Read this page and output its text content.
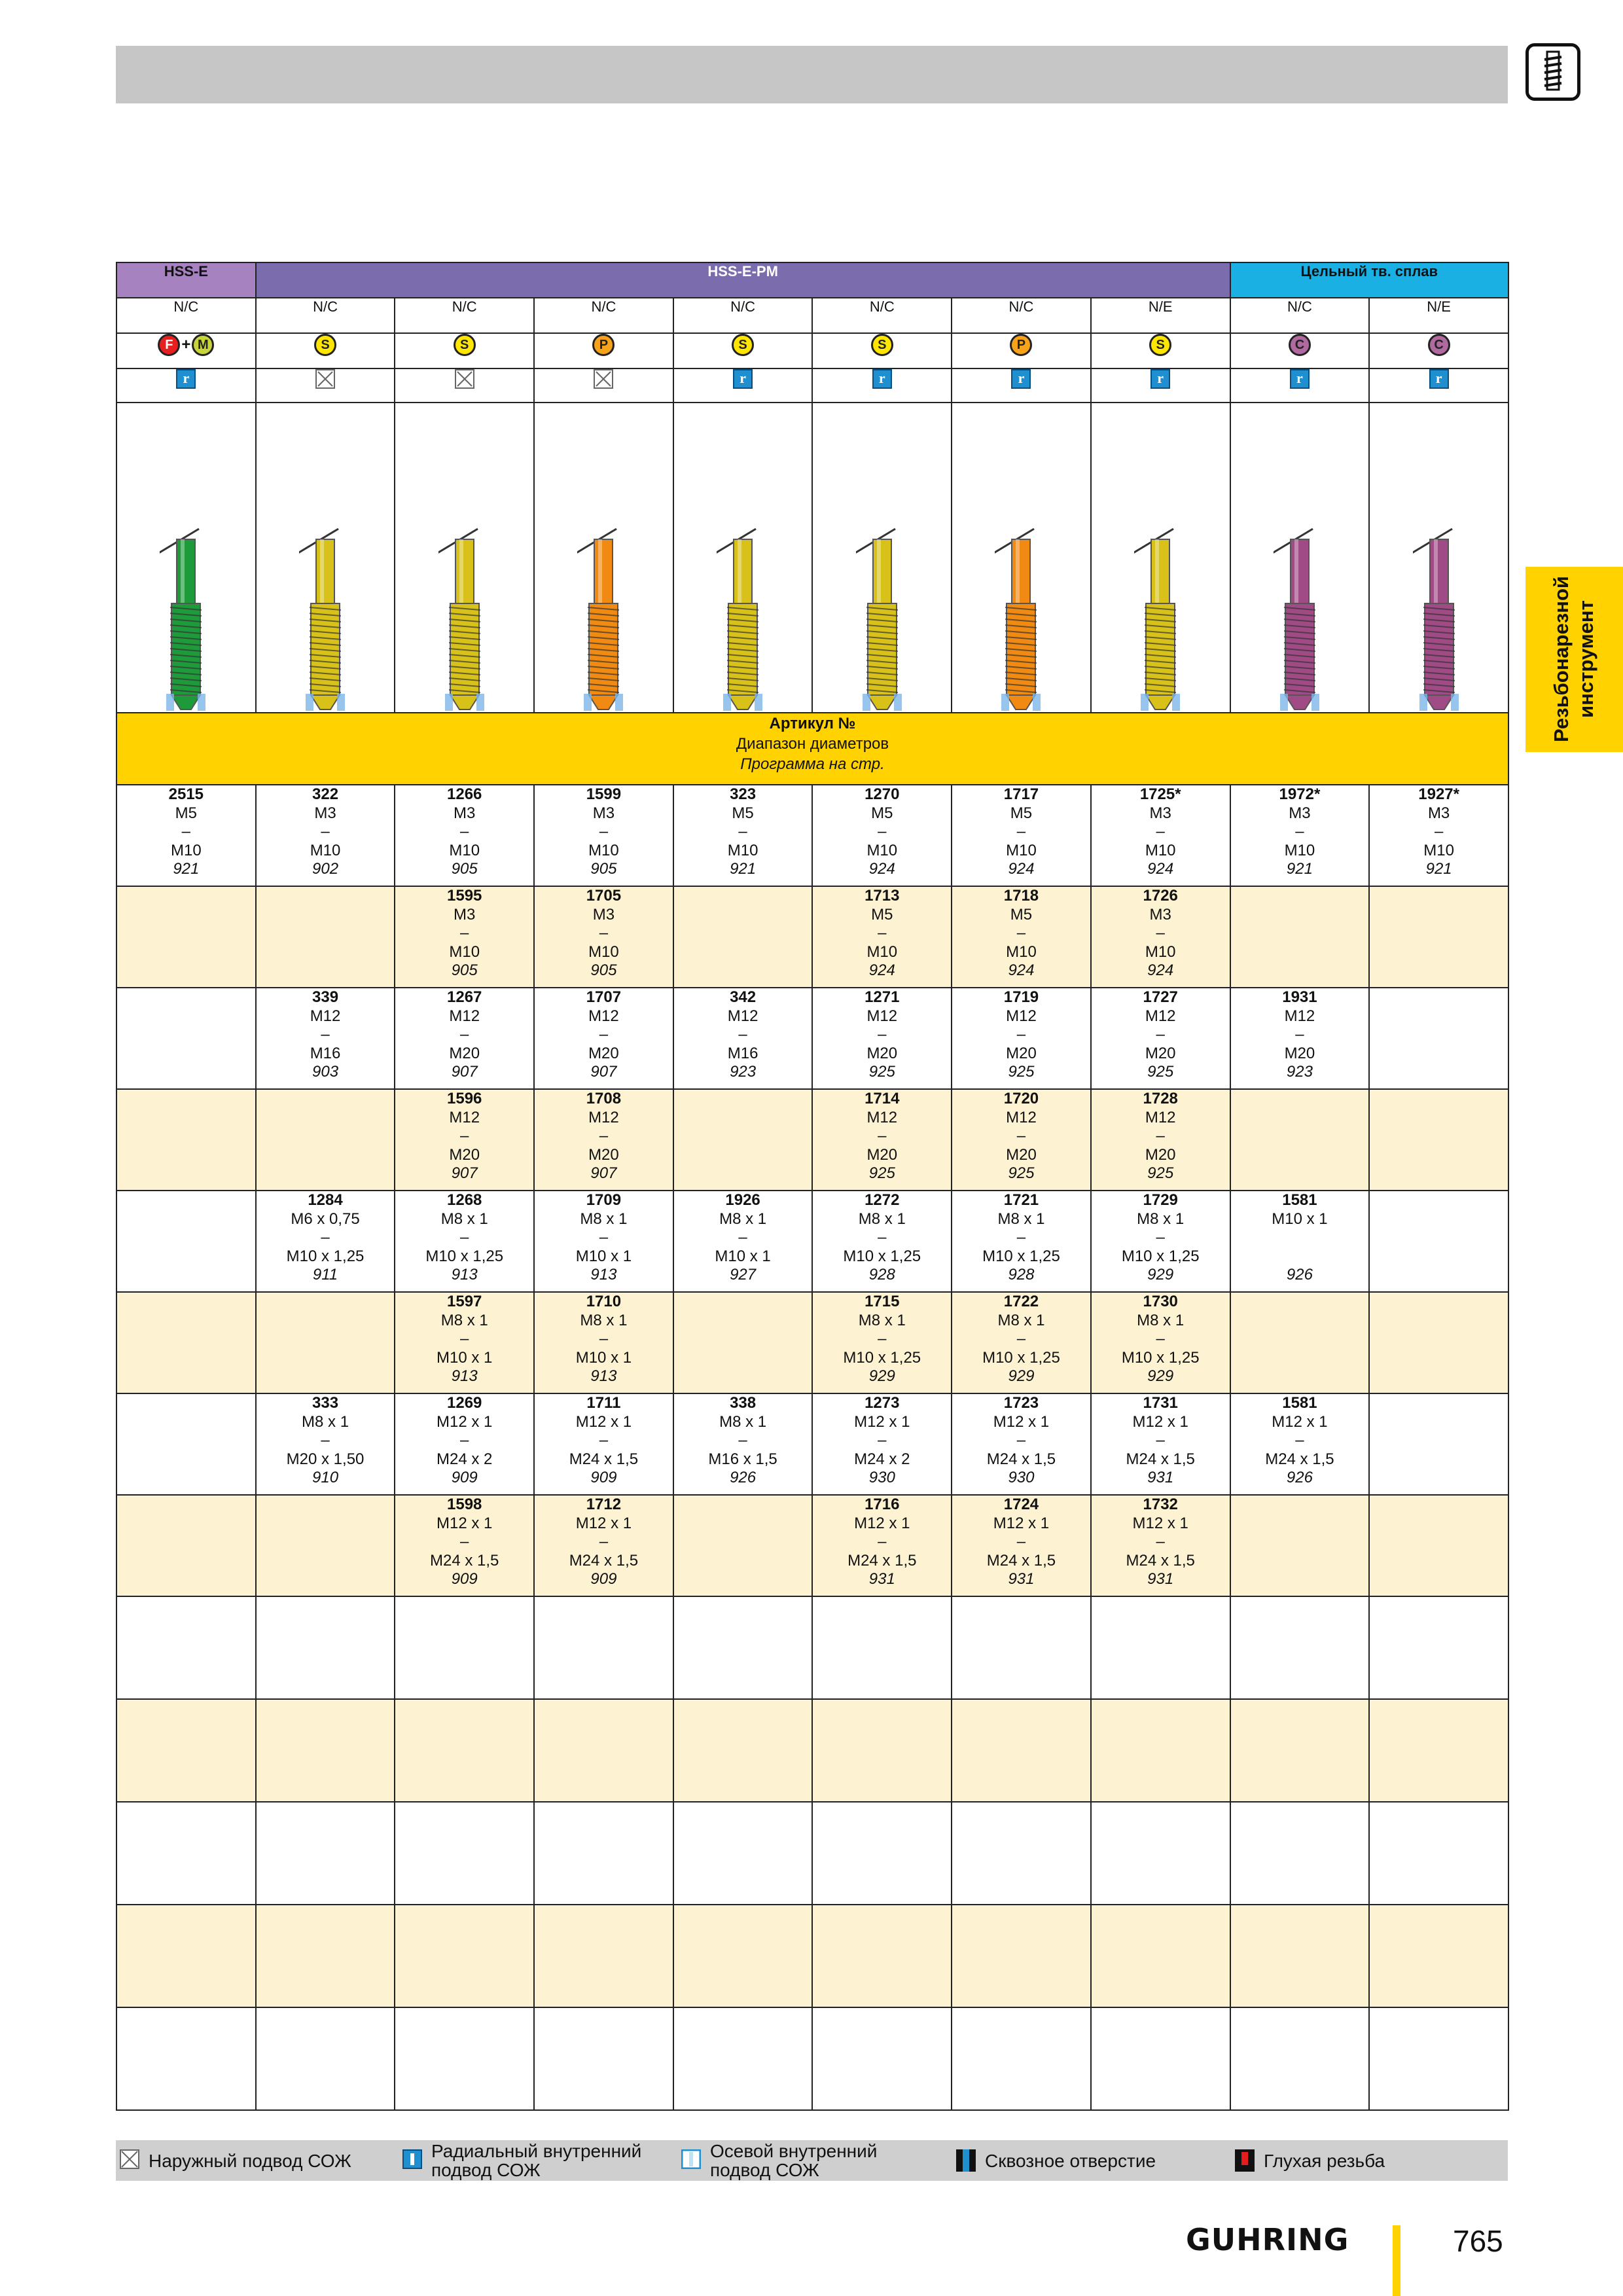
Резьбонарезной
инструмент
HSS-E	HSS-E-PM							Цельный тв. сплав	
N/C	N/C	N/C	N/C	N/C	N/C	N/C	N/E	N/C	N/E
F + M	S	S	P	S	S	P	S	C	C
r				r	r	r	r	r	r

Артикул №
Диапазон диаметров
Программа на стр.									

2515
M5
–
M10
921	322
M3
–
M10
902	1266
M3
–
M10
905	1599
M3
–
M10
905	323
M5
–
M10
921	1270
M5
–
M10
924	1717
M5
–
M10
924	1725*
M3
–
M10
924	1972*
M3
–
M10
921	1927*
M3
–
M10
921

		1595
M3
–
M10
905	1705
M3
–
M10
905		1713
M5
–
M10
924	1718
M5
–
M10
924	1726
M3
–
M10
924		

	339
M12
–
M16
903	1267
M12
–
M20
907	1707
M12
–
M20
907	342
M12
–
M16
923	1271
M12
–
M20
925	1719
M12
–
M20
925	1727
M12
–
M20
925	1931
M12
–
M20
923	

		1596
M12
–
M20
907	1708
M12
–
M20
907		1714
M12
–
M20
925	1720
M12
–
M20
925	1728
M12
–
M20
925		

	1284
M6 x 0,75
–
M10 x 1,25
911	1268
M8 x 1
–
M10 x 1,25
913	1709
M8 x 1
–
M10 x 1
913	1926
M8 x 1
–
M10 x 1
927	1272
M8 x 1
–
M10 x 1,25
928	1721
M8 x 1
–
M10 x 1,25
928	1729
M8 x 1
–
M10 x 1,25
929	1581
M10 x 1
926	

		1597
M8 x 1
–
M10 x 1
913	1710
M8 x 1
–
M10 x 1
913		1715
M8 x 1
–
M10 x 1,25
929	1722
M8 x 1
–
M10 x 1,25
929	1730
M8 x 1
–
M10 x 1,25
929		

	333
M8 x 1
–
M20 x 1,50
910	1269
M12 x 1
–
M24 x 2
909	1711
M12 x 1
–
M24 x 1,5
909	338
M8 x 1
–
M16 x 1,5
926	1273
M12 x 1
–
M24 x 2
930	1723
M12 x 1
–
M24 x 1,5
930	1731
M12 x 1
–
M24 x 1,5
931	1581
M12 x 1
–
M24 x 1,5
926	

		1598
M12 x 1
–
M24 x 1,5
909	1712
M12 x 1
–
M24 x 1,5
909		1716
M12 x 1
–
M24 x 1,5
931	1724
M12 x 1
–
M24 x 1,5
931	1732
M12 x 1
–
M24 x 1,5
931		

Наружный подвод СОЖ	Радиальный внутренний
подвод СОЖ
Осевой внутренний
подвод СОЖ	Сквозное отверстие	Глухая резьба
GUHRING	765
